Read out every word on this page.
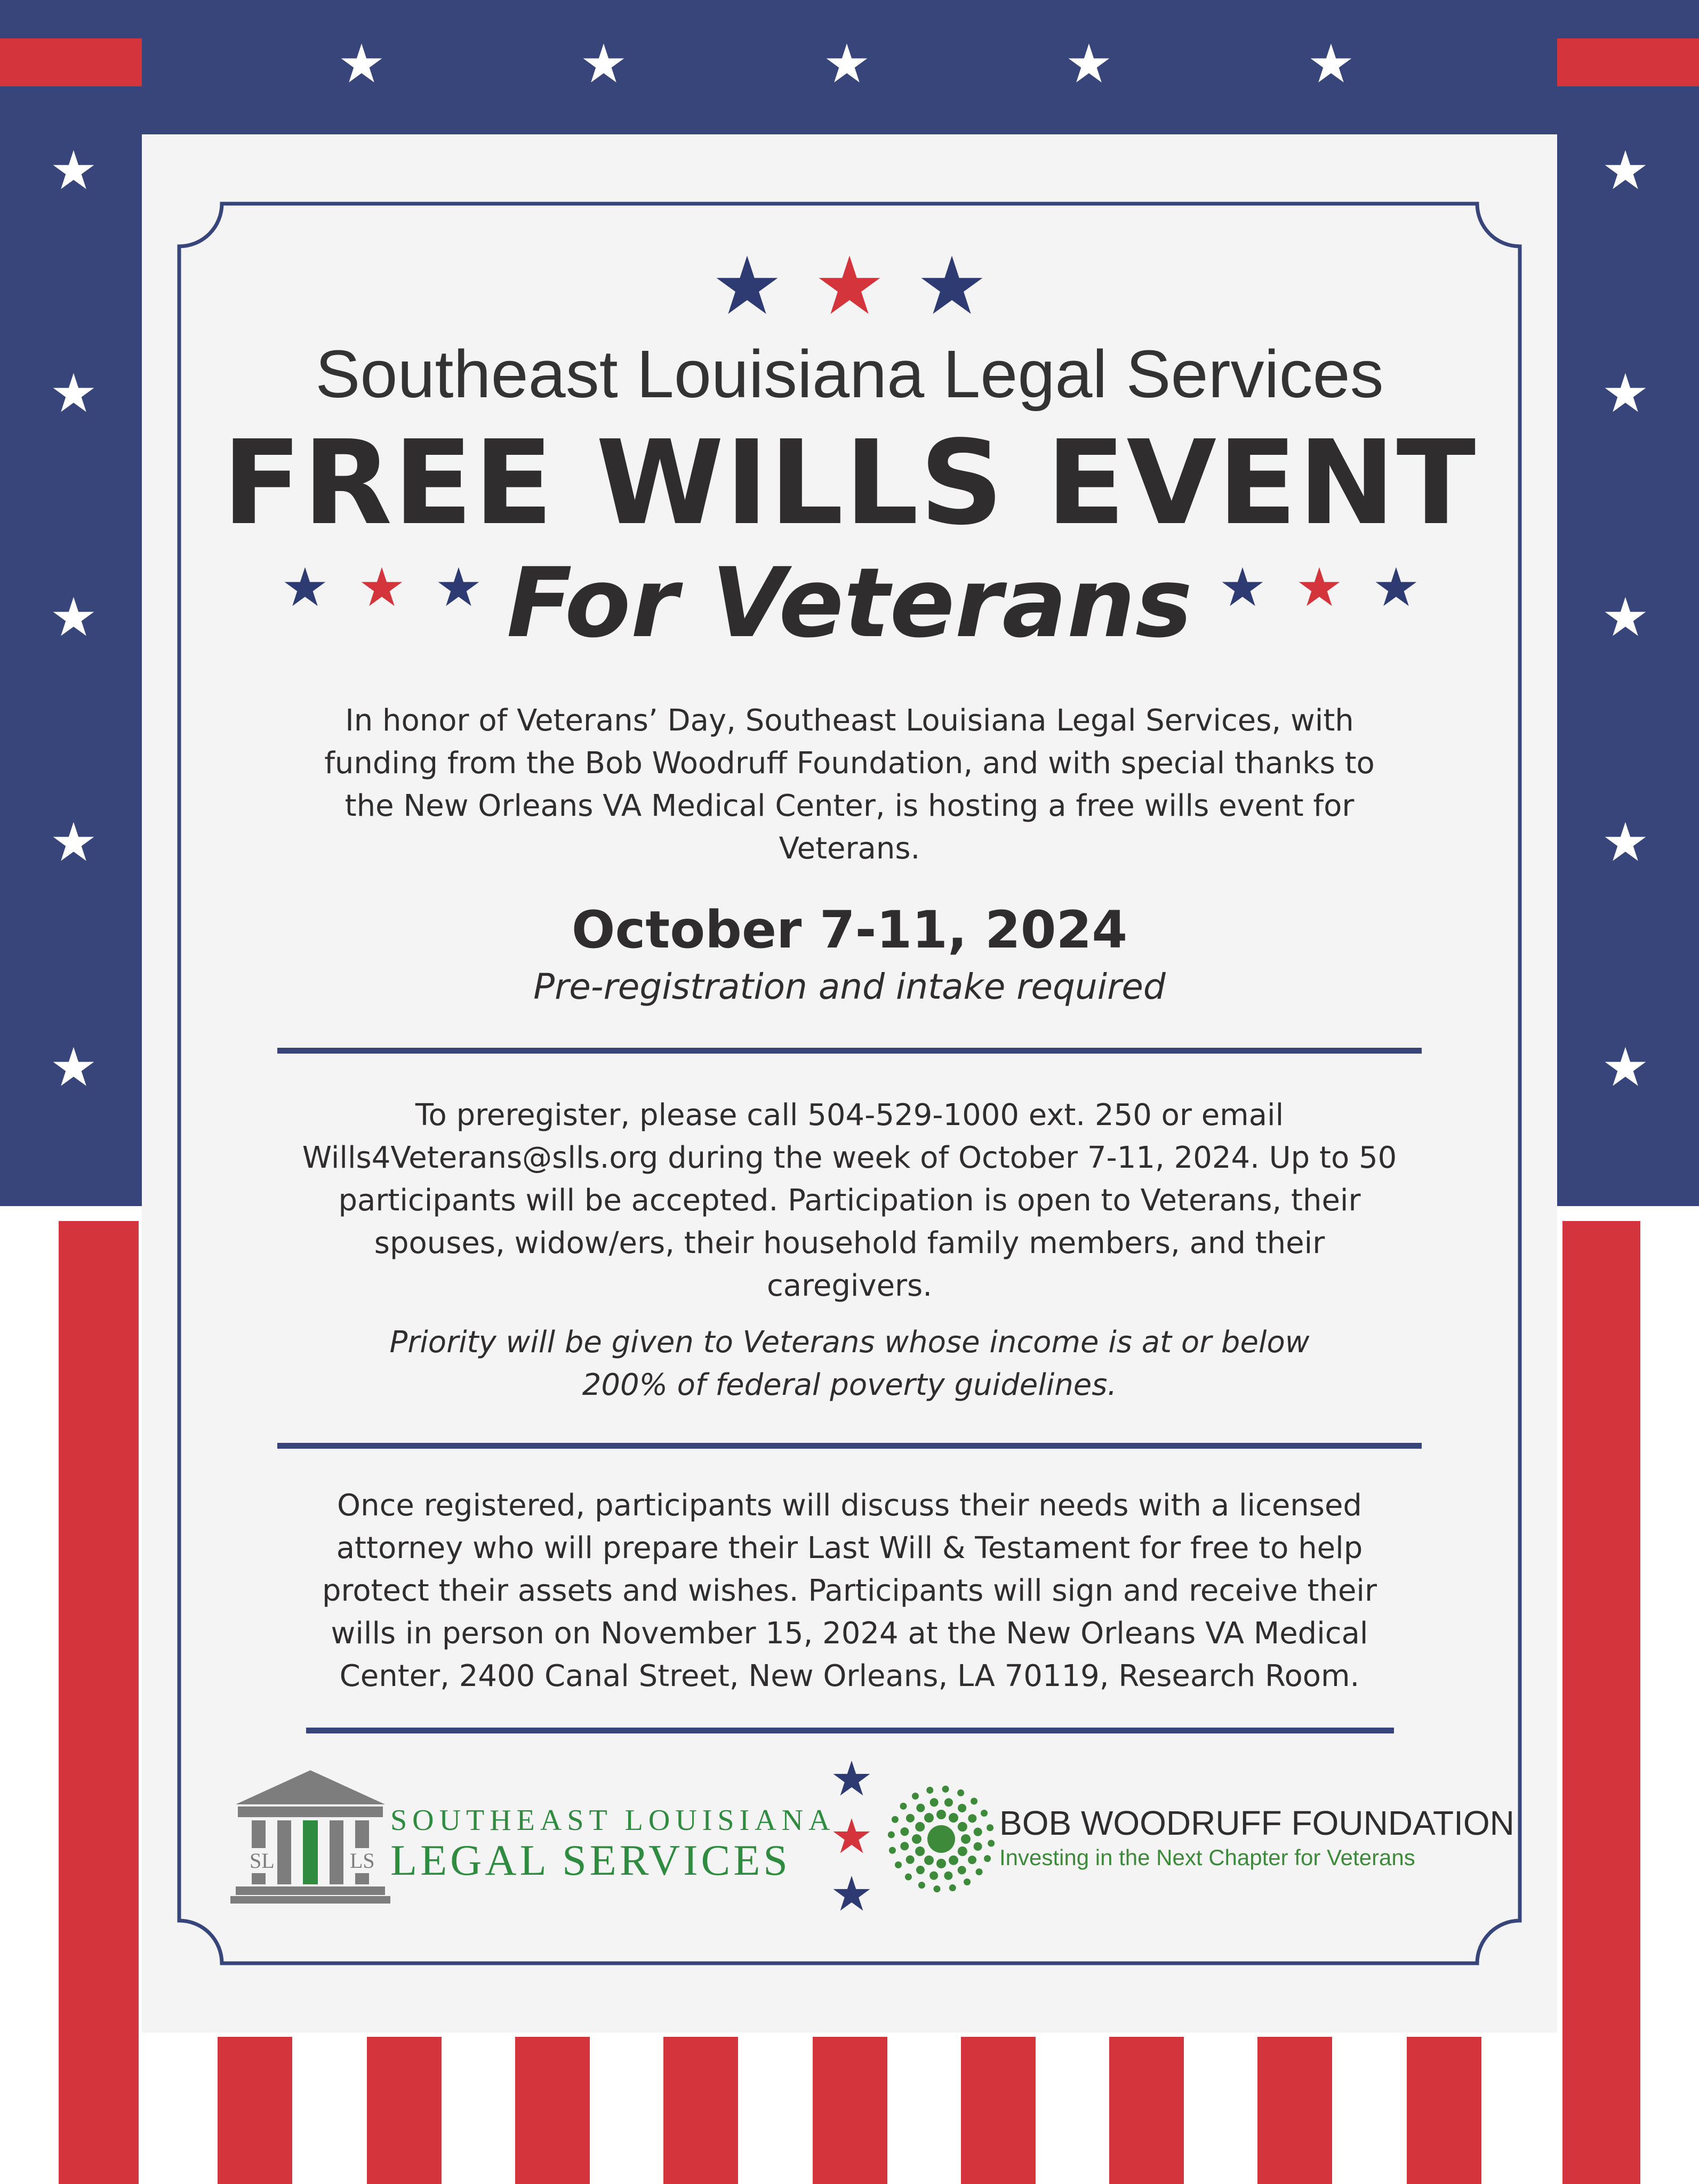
★	★	★	★	★
★
★
★
★
★
★
★
★
★
★
★ ★ ★
Southeast Louisiana Legal Services
FREE WILLS EVENT
★ ★ ★	★ ★ ★
For Veterans
In honor of Veterans’ Day, Southeast Louisiana Legal Services, with funding from the Bob Woodruff Foundation, and with special thanks to the New Orleans VA Medical Center, is hosting a free wills event for Veterans.
October 7-11, 2024
Pre-registration and intake required
To preregister, please call 504-529-1000 ext. 250 or email Wills4Veterans@slls.org during the week of October 7-11, 2024. Up to 50 participants will be accepted. Participation is open to Veterans, their spouses, widow/ers, their household family members, and their caregivers.
Priority will be given to Veterans whose income is at or below 200% of federal poverty guidelines.
Once registered, participants will discuss their needs with a licensed attorney who will prepare their Last Will & Testament for free to help protect their assets and wishes. Participants will sign and receive their wills in person on November 15, 2024 at the New Orleans VA Medical Center, 2400 Canal Street, New Orleans, LA 70119, Research Room.
SL	LS
SOUTHEAST LOUISIANA
LEGAL SERVICES
★
★
★
BOB WOODRUFF FOUNDATION
Investing in the Next Chapter for Veterans
